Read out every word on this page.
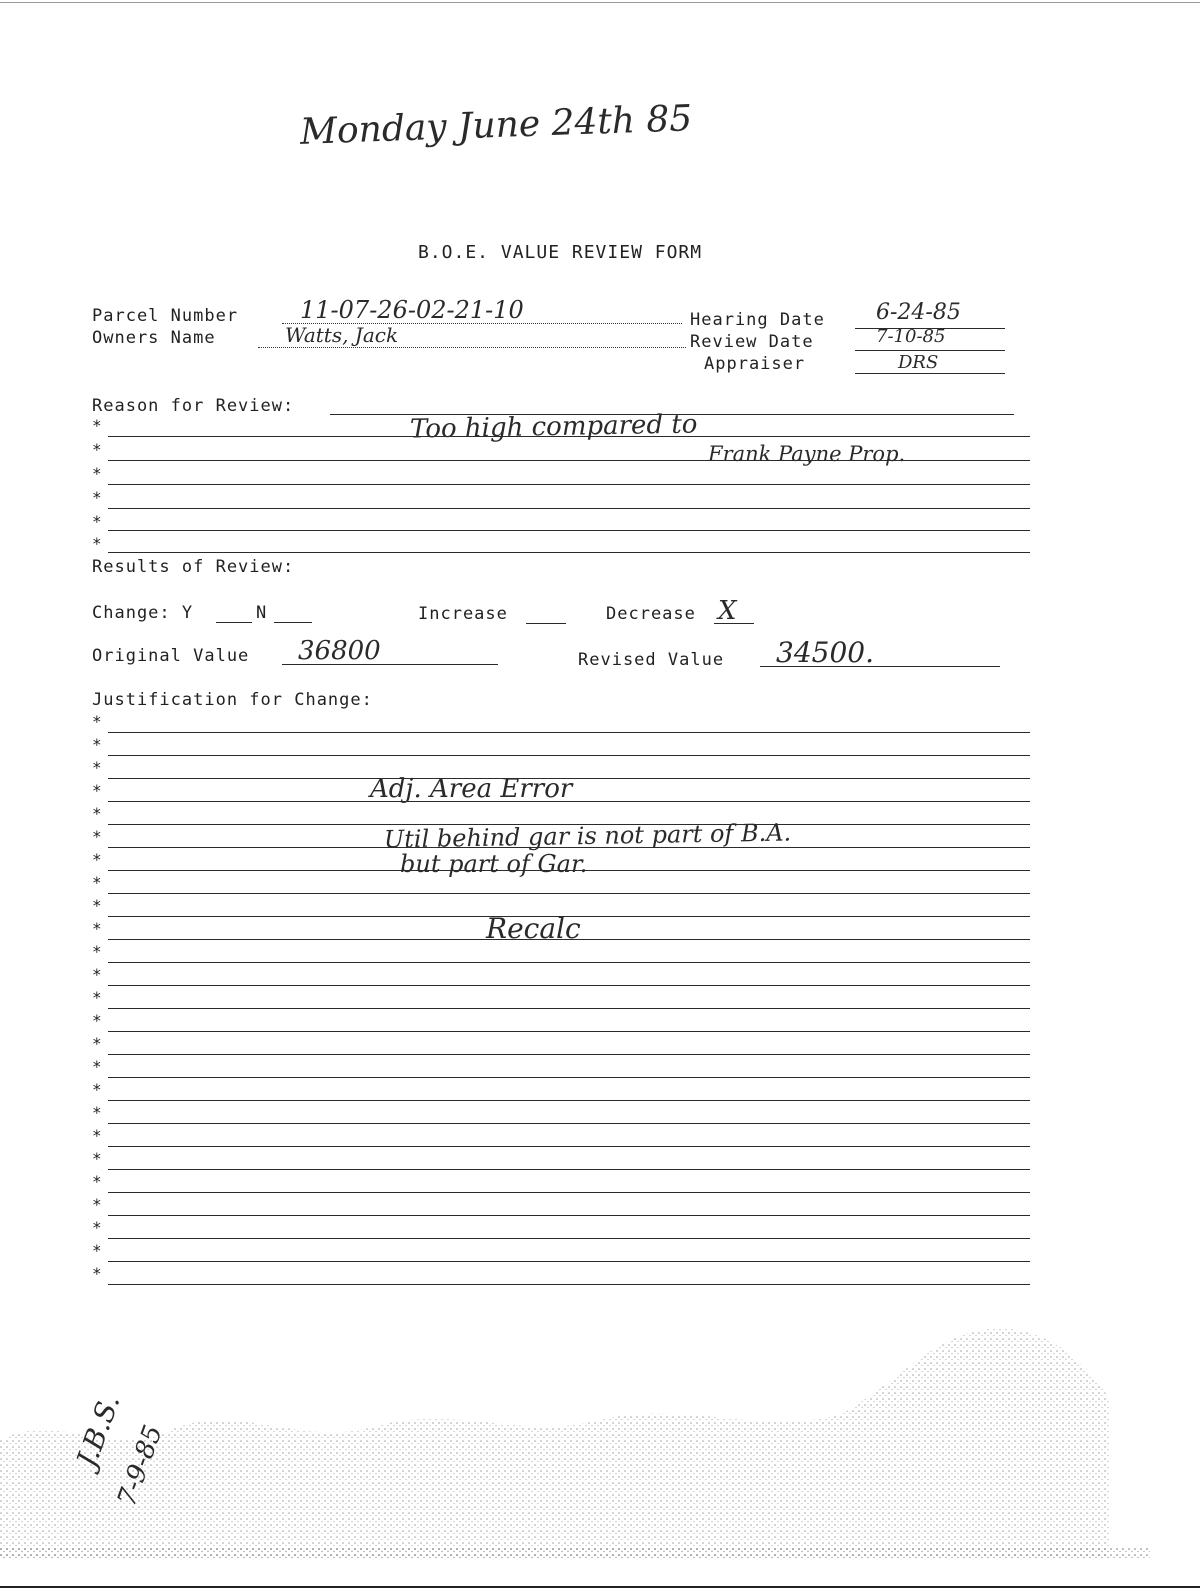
Monday June 24th 85
B.O.E. VALUE REVIEW FORM
Parcel Number	11-07-26-02-21-10
Owners Name	Watts, Jack
Hearing Date 6-24-85
Review Date	7-10-85
Appraiser	DRS
Reason for Review:
*
*
*
*
*
*
Too high compared to
Frank Payne Prop.
Results of Review:
Change: Y	N	Increase	Decrease X
Original Value 36800	Revised Value 34500.
Justification for Change:
*
*
*
*
*
*
*
*
*
*
*
*
*
*
*
*
*
*
*
*
*
*
*
*
*
Adj. Area Error
Util behind gar is not part of B.A.
but part of Gar.
Recalc
J.B.S.
7-9-85
